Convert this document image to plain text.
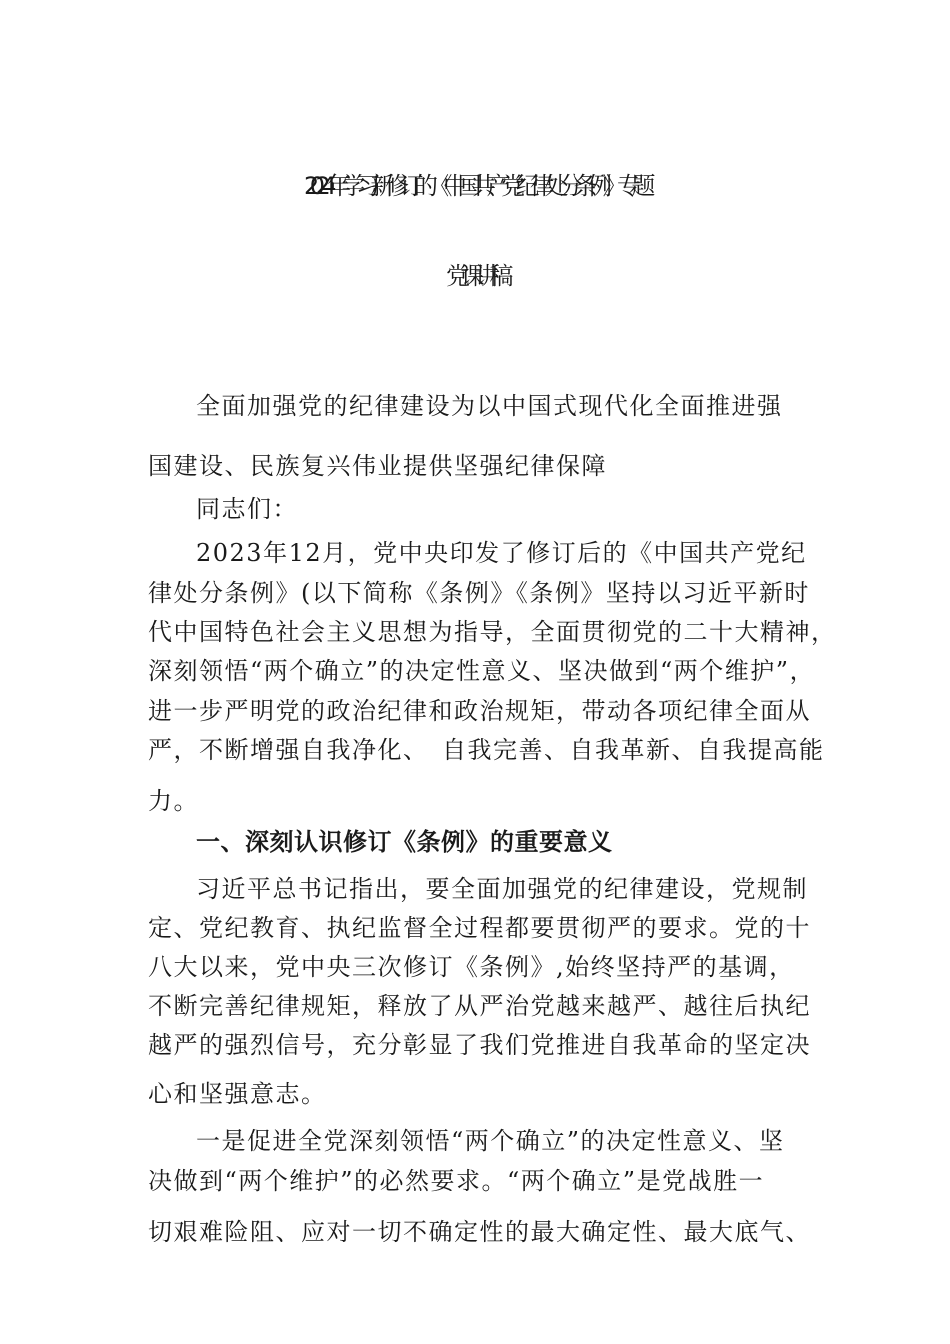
2024年学习新修订的《中国共产党纪律处分条例》专题
党课讲稿
全面加强党的纪律建设为以中国式现代化全面推进强
国建设、民族复兴伟业提供坚强纪律保障
同志们：
2023年12月，党中央印发了修订后的《中国共产党纪
律处分条例》(以下简称《条例》《条例》坚持以习近平新时
代中国特色社会主义思想为指导，全面贯彻党的二十大精神，
深刻领悟“两个确立”的决定性意义、坚决做到“两个维护”，
进一步严明党的政治纪律和政治规矩，带动各项纪律全面从
严，不断增强自我净化、　自我完善、自我革新、自我提高能
力。
一、深刻认识修订《条例》的重要意义
习近平总书记指出，要全面加强党的纪律建设，党规制
定、党纪教育、执纪监督全过程都要贯彻严的要求。党的十
八大以来，党中央三次修订《条例》,始终坚持严的基调，
不断完善纪律规矩，释放了从严治党越来越严、越往后执纪
越严的强烈信号，充分彰显了我们党推进自我革命的坚定决
心和坚强意志。
一是促进全党深刻领悟“两个确立”的决定性意义、坚
决做到“两个维护”的必然要求。“两个确立”是党战胜一
切艰难险阻、应对一切不确定性的最大确定性、最大底气、
